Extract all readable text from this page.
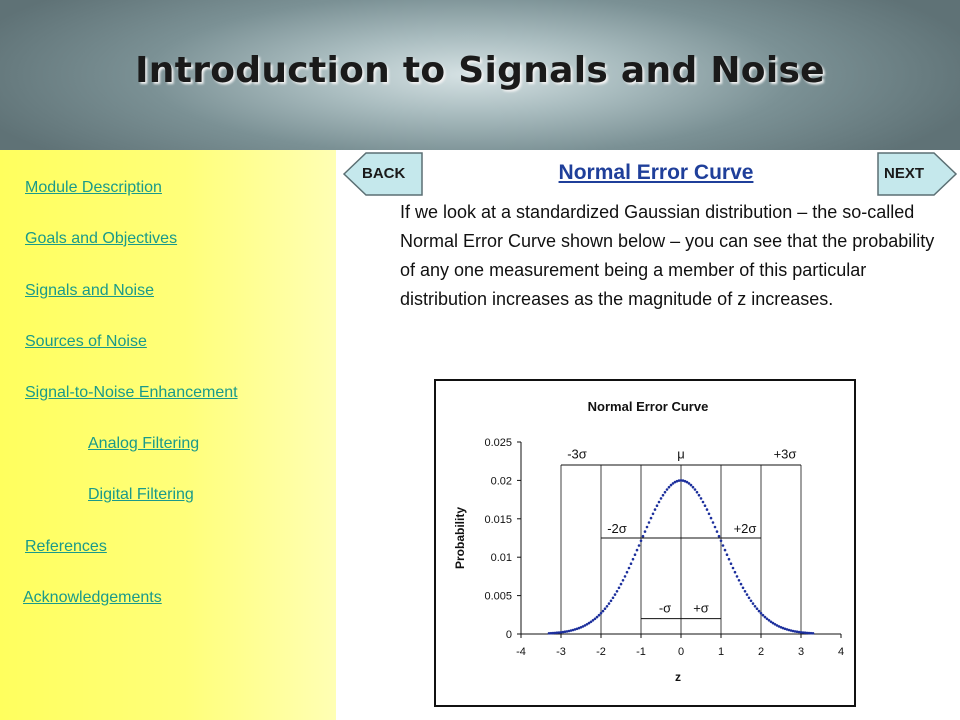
Introduction to Signals and Noise
Module Description
Goals and Objectives
Signals and Noise
Sources of Noise
Signal-to-Noise Enhancement
Analog Filtering
Digital Filtering
References
Acknowledgements
BACK	Normal Error Curve	NEXT
If we look at a standardized Gaussian distribution – the so-called Normal Error Curve shown below – you can see that the probability of any one measurement being a member of this particular distribution increases as the magnitude of z increases.
Normal Error Curve
0
0.005
0.01
0.015
0.02
0.025
-4	-3	-2	-1	0	1	2	3	4
z
Probability
-3σ	μ	+3σ
-2σ	+2σ
-σ +σ
